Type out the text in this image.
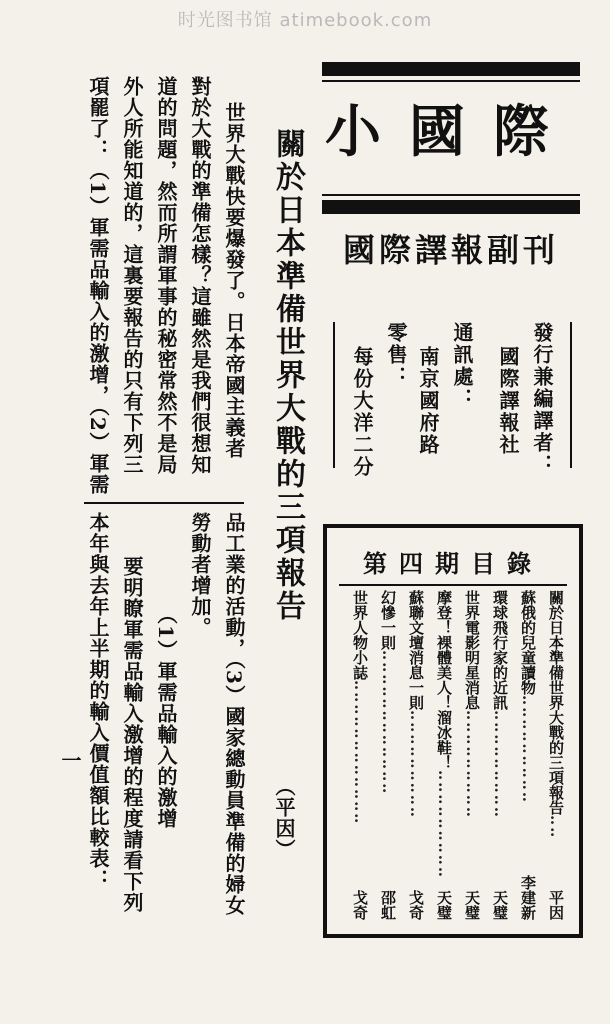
时光图书馆 atimebook.com
小國際
國際譯報副刊
發行兼編譯者：
國際譯報社
通訊處：
南京國府路
零售：
每份大洋二分
第四期目錄
關於日本準備世界大戰的三項報告
‥‥
平因
蘇俄的兒童讀物
‥‥‥‥‥‥‥‥‥
李建新
環球飛行家的近訊
‥‥‥‥‥‥‥‥‥
天璧
世界電影明星消息
‥‥‥‥‥‥‥‥‥
天璧
摩登！裸體美人！溜冰鞋！
‥‥‥‥‥‥‥‥‥
天璧
蘇聯文壇消息一則
‥‥‥‥‥‥‥‥‥
戈奇
幻慘一則
‥‥‥‥‥‥‥‥‥‥‥‥
邵虹
世界人物小誌
‥‥‥‥‥‥‥‥‥‥‥‥
戈奇
關於日本準備世界大戰的三項報告
（平因）
世界大戰快要爆發了。日本帝國主義者
對於大戰的準備怎樣？這雖然是我們很想知
道的問題，然而所謂軍事的秘密常然不是局
外人所能知道的，這裏要報告的只有下列三
項罷了：（1）軍需品輸入的激增，（2）軍需
品工業的活動，（3）國家總動員準備的婦女
勞動者增加。
（1）軍需品輸入的激增
要明瞭軍需品輸入激增的程度請看下列
本年與去年上半期的輸入價值額比較表：
一
